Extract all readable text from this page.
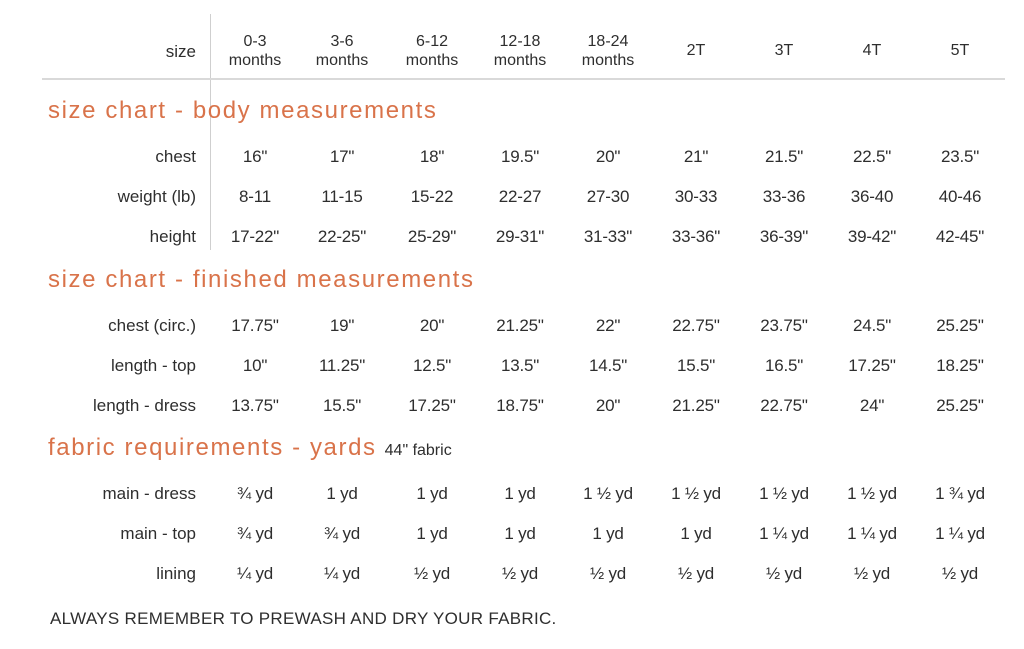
size
0-3
months
3-6
months
6-12
months
12-18
months
18-24
months
2T	3T	4T	5T
size chart - body measurements
chest	16"	17"	18"	19.5"	20"	21"	21.5"	22.5"	23.5"
weight (lb)	8-11	11-15	15-22	22-27	27-30	30-33	33-36	36-40	40-46
height	17-22"	22-25"	25-29"	29-31"	31-33"	33-36"	36-39"	39-42"	42-45"
size chart - finished measurements
chest (circ.)	17.75"	19"	20"	21.25"	22"	22.75"	23.75"	24.5"	25.25"
length - top	10"	11.25"	12.5"	13.5"	14.5"	15.5"	16.5"	17.25"	18.25"
length - dress	13.75"	15.5"	17.25"	18.75"	20"	21.25"	22.75"	24"	25.25"
fabric requirements - yards 44" fabric
main - dress	¾ yd	1 yd	1 yd	1 yd	1 ½ yd	1 ½ yd	1 ½ yd	1 ½ yd	1 ¾ yd
main - top	¾ yd	¾ yd	1 yd	1 yd	1 yd	1 yd	1 ¼ yd	1 ¼ yd	1 ¼ yd
lining	¼ yd	¼ yd	½ yd	½ yd	½ yd	½ yd	½ yd	½ yd	½ yd
ALWAYS REMEMBER TO PREWASH AND DRY YOUR FABRIC.
